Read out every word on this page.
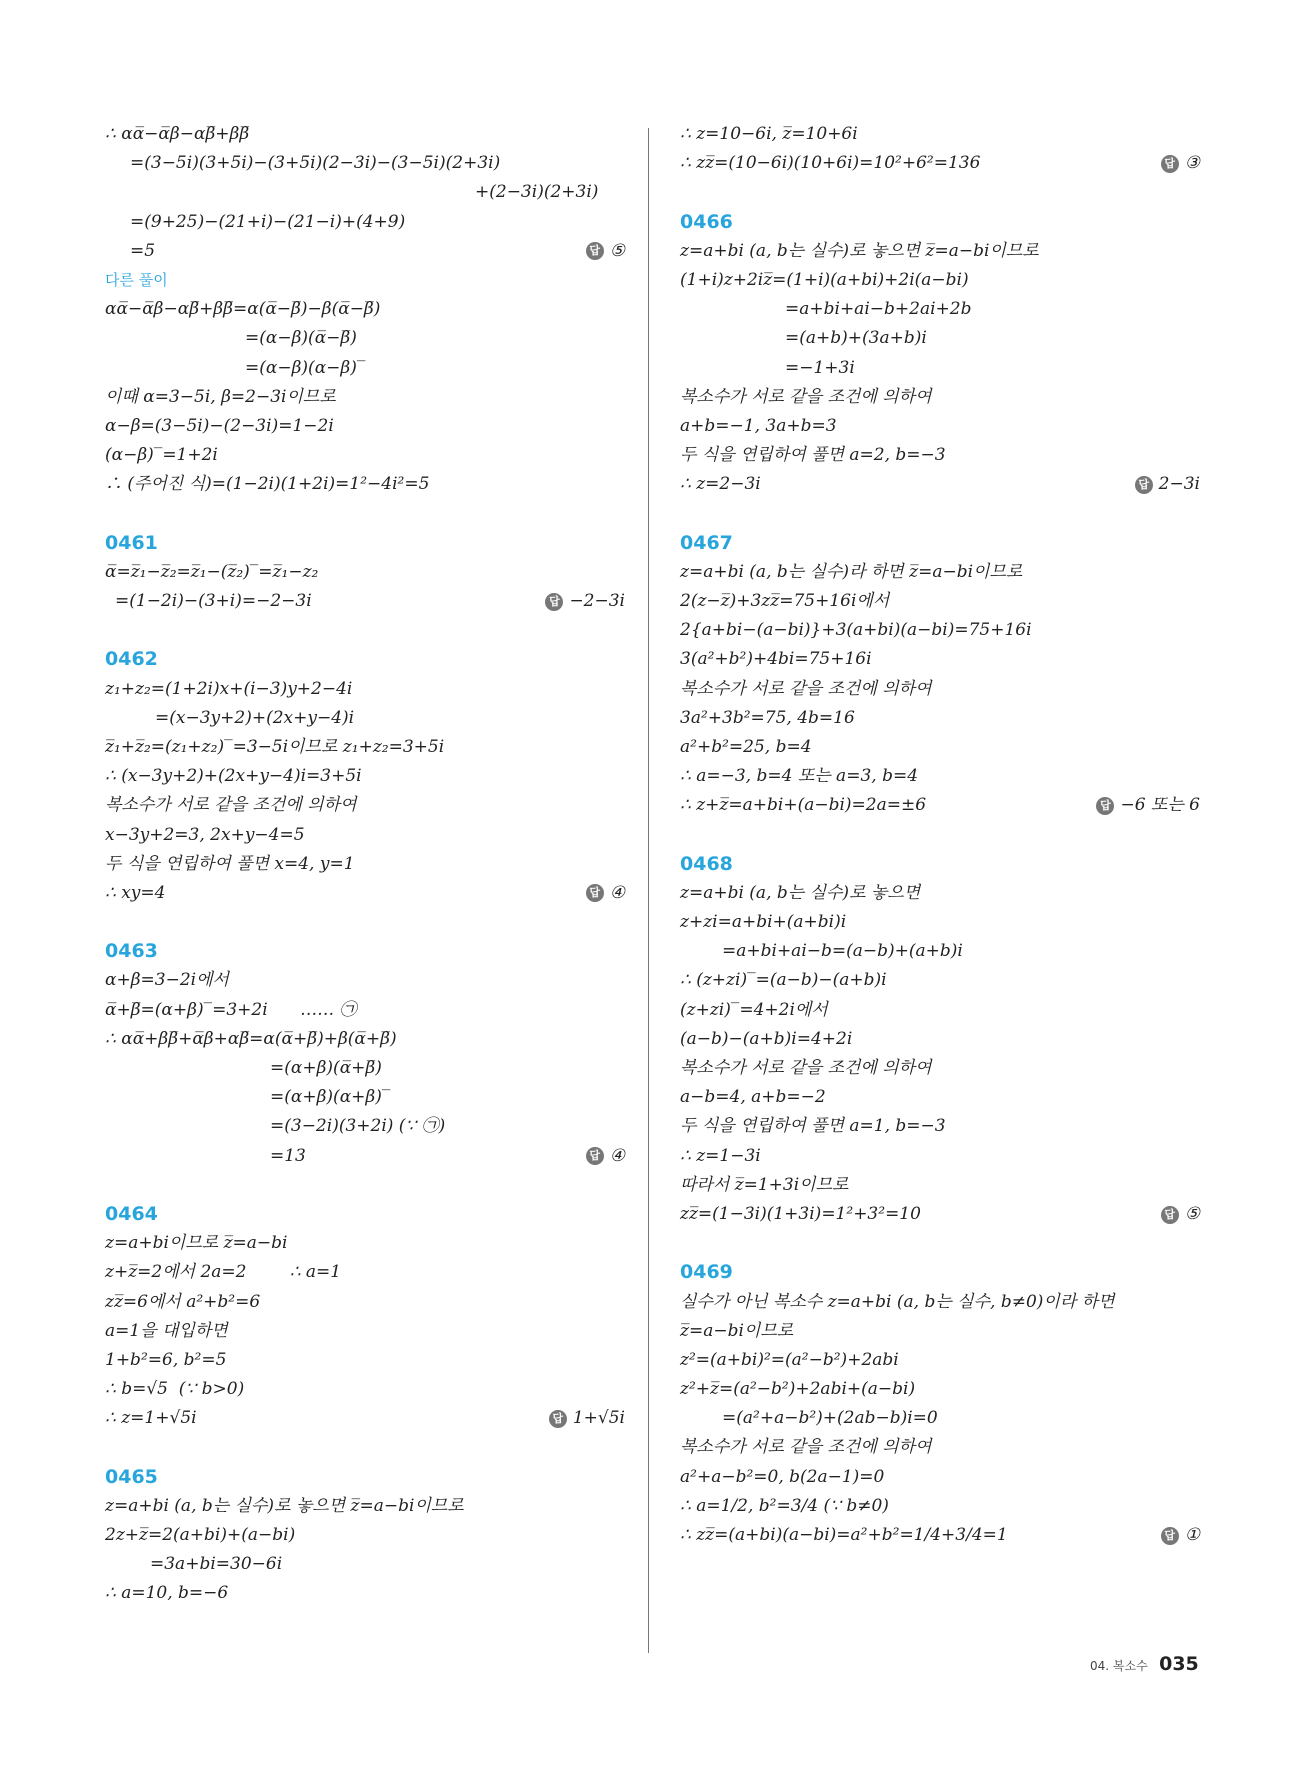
∴ αα̅−α̅β−αβ̅+ββ̅
=(3−5i)(3+5i)−(3+5i)(2−3i)−(3−5i)(2+3i)
+(2−3i)(2+3i)
=(9+25)−(21+i)−(21−i)+(4+9)
=5	답 ⑤
다른 풀이
αα̅−α̅β−αβ̅+ββ̅=α(α̅−β̅)−β(α̅−β̅)
=(α−β)(α̅−β̅)
=(α−β)(α−β)‾
이때 α=3−5i, β=2−3i이므로
α−β=(3−5i)−(2−3i)=1−2i
(α−β)‾=1+2i
∴ (주어진 식)=(1−2i)(1+2i)=1²−4i²=5
0461
α̅=z̅₁−z̅₂=z̅₁−(z̅₂)‾=z̅₁−z₂
=(1−2i)−(3+i)=−2−3i	답 −2−3i
0462
z₁+z₂=(1+2i)x+(i−3)y+2−4i
=(x−3y+2)+(2x+y−4)i
z̅₁+z̅₂=(z₁+z₂)‾=3−5i이므로 z₁+z₂=3+5i
∴ (x−3y+2)+(2x+y−4)i=3+5i
복소수가 서로 같을 조건에 의하여
x−3y+2=3, 2x+y−4=5
두 식을 연립하여 풀면 x=4, y=1
∴ xy=4	답 ④
0463
α+β=3−2i에서
α̅+β̅=(α+β)‾=3+2i      …… ㉠
∴ αα̅+ββ̅+α̅β+αβ̅=α(α̅+β̅)+β(α̅+β̅)
=(α+β)(α̅+β̅)
=(α+β)(α+β)‾
=(3−2i)(3+2i) (∵ ㉠)
=13	답 ④
0464
z=a+bi이므로 z̅=a−bi
z+z̅=2에서 2a=2        ∴ a=1
zz̅=6에서 a²+b²=6
a=1을 대입하면
1+b²=6, b²=5
∴ b=√5  (∵ b>0)
∴ z=1+√5i	답 1+√5i
0465
z=a+bi (a, b는 실수)로 놓으면 z̅=a−bi이므로
2z+z̅=2(a+bi)+(a−bi)
=3a+bi=30−6i
∴ a=10, b=−6
∴ z=10−6i, z̅=10+6i
∴ zz̅=(10−6i)(10+6i)=10²+6²=136	답 ③
0466
z=a+bi (a, b는 실수)로 놓으면 z̅=a−bi이므로
(1+i)z+2iz̅=(1+i)(a+bi)+2i(a−bi)
=a+bi+ai−b+2ai+2b
=(a+b)+(3a+b)i
=−1+3i
복소수가 서로 같을 조건에 의하여
a+b=−1, 3a+b=3
두 식을 연립하여 풀면 a=2, b=−3
∴ z=2−3i	답 2−3i
0467
z=a+bi (a, b는 실수)라 하면 z̅=a−bi이므로
2(z−z̅)+3zz̅=75+16i에서
2{a+bi−(a−bi)}+3(a+bi)(a−bi)=75+16i
3(a²+b²)+4bi=75+16i
복소수가 서로 같을 조건에 의하여
3a²+3b²=75, 4b=16
a²+b²=25, b=4
∴ a=−3, b=4 또는 a=3, b=4
∴ z+z̅=a+bi+(a−bi)=2a=±6	답 −6 또는 6
0468
z=a+bi (a, b는 실수)로 놓으면
z+zi=a+bi+(a+bi)i
=a+bi+ai−b=(a−b)+(a+b)i
∴ (z+zi)‾=(a−b)−(a+b)i
(z+zi)‾=4+2i에서
(a−b)−(a+b)i=4+2i
복소수가 서로 같을 조건에 의하여
a−b=4, a+b=−2
두 식을 연립하여 풀면 a=1, b=−3
∴ z=1−3i
따라서 z̅=1+3i이므로
zz̅=(1−3i)(1+3i)=1²+3²=10	답 ⑤
0469
실수가 아닌 복소수 z=a+bi (a, b는 실수, b≠0)이라 하면
z̅=a−bi이므로
z²=(a+bi)²=(a²−b²)+2abi
z²+z̅=(a²−b²)+2abi+(a−bi)
=(a²+a−b²)+(2ab−b)i=0
복소수가 서로 같을 조건에 의하여
a²+a−b²=0, b(2a−1)=0
∴ a=1/2, b²=3/4 (∵ b≠0)
∴ zz̅=(a+bi)(a−bi)=a²+b²=1/4+3/4=1	답 ①
04. 복소수 035
